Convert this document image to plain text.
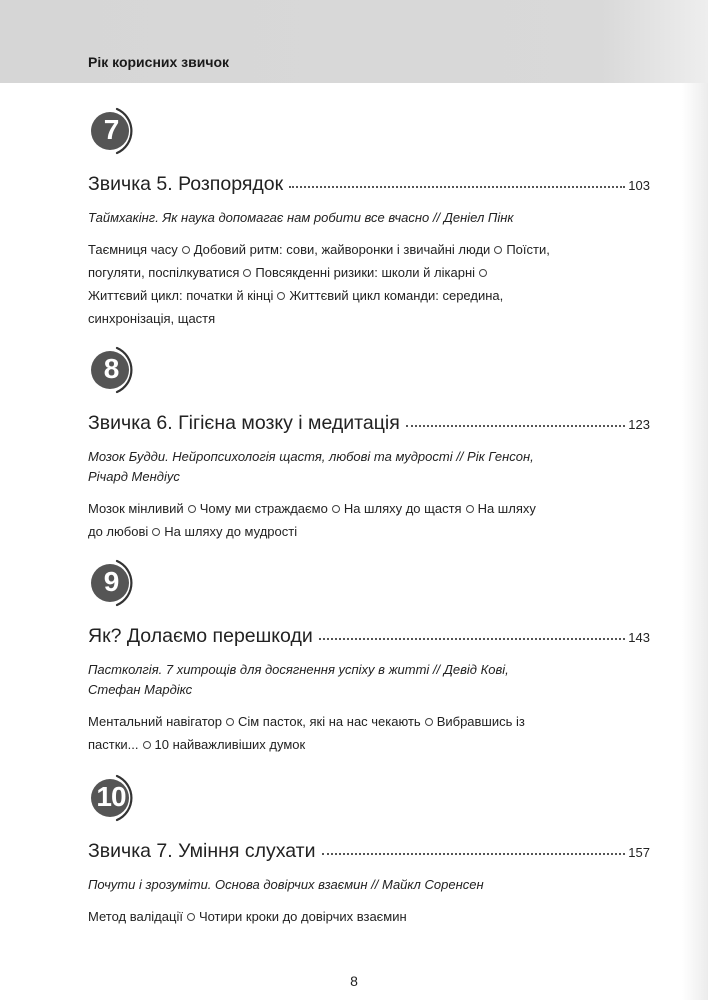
Рік корисних звичок
7
Звичка 5. Розпорядок	103
Таймхакінг. Як наука допомагає нам робити все вчасно // Деніел Пінк
Таємниця часу Добовий ритм: сови, жайворонки і звичайні люди Поїсти, погуляти, поспілкуватися Повсякденні ризики: школи й лікарніЖиттєвий цикл: початки й кінці Життєвий цикл команди: середина, синхронізація, щастя
8
Звичка 6. Гігієна мозку і медитація	123
Мозок Будди. Нейропсихологія щастя, любові та мудрості // Рік Генсон, Річард Мендіус
Мозок мінливий Чому ми страждаємо На шляху до щастя На шляху до любові На шляху до мудрості
9
Як? Долаємо перешкоди	143
Пастколгія. 7 хитрощів для досягнення успіху в житті // Девід Кові, Стефан Мардікс
Ментальний навігатор Сім пасток, які на нас чекають Вибравшись із пастки... 10 найважливіших думок
10
Звичка 7. Уміння слухати	157
Почути і зрозуміти. Основа довірчих взаємин // Майкл Соренсен
Метод валідації Чотири кроки до довірчих взаємин
8
